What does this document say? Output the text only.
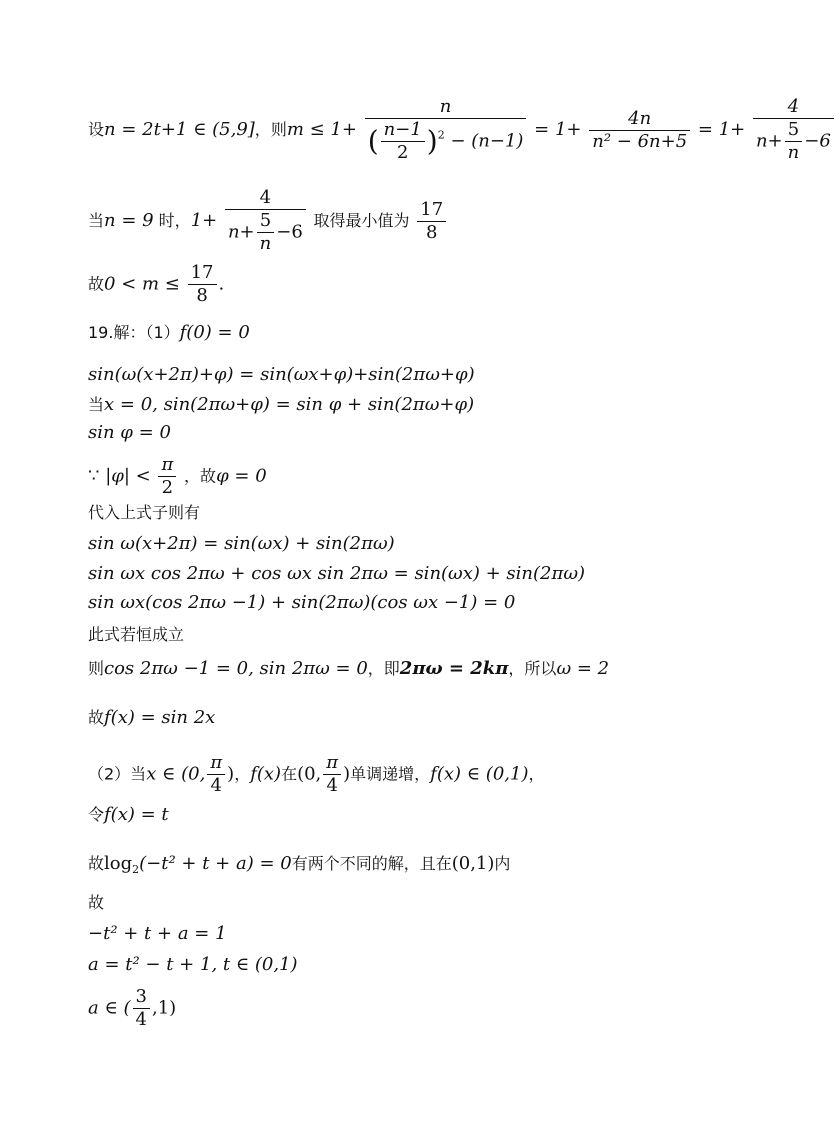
设n = 2t+1 ∈ (5,9]，则$m \le 1+ \frac{n}{( \frac{n-1}{2} )^2 - (n-1)} = 1+ \frac{4n}{\text{n² − 6n+5}} = 1+ \frac{4}{n+ \frac{5}{n} -6}$
当n = 9 时，$1+ \frac{4}{n+ \frac{5}{n} -6}$ 取得最小值为 $\frac{17}{8}$
故$0 < m \le \frac{17}{8}$ .
19.解：（1）f(0) = 0
sin(ω(x+2π)+φ) = sin(ωx+φ)+sin(2πω+φ)
当x = 0, sin(2πω+φ) = sin φ + sin(2πω+φ)
sin φ = 0
∵ $|\varphi| < \frac{\pi}{2}$ ，故φ = 0
代入上式子则有
sin ω(x+2π) = sin(ωx) + sin(2πω)
sin ωx cos 2πω + cos ωx sin 2πω = sin(ωx) + sin(2πω)
sin ωx(cos 2πω −1) + sin(2πω)(cos ωx −1) = 0
此式若恒成立
则cos 2πω −1 = 0, sin 2πω = 0，即2πω = 2kπ，所以ω = 2
故f(x) = sin 2x
（2）当x ∈ (0, $\frac{\pi}{4}$ )，f(x)在(0, $\frac{\pi}{4}$ )单调递增，f(x) ∈ (0,1)，
令f(x) = t
故$\log_2(-t^2 + t + a) = 0$有两个不同的解，且在(0,1)内
故
−t² + t + a = 1
a = t² − t + 1, t ∈ (0,1)
a ∈ ( $\frac{3}{4} ,1$)
